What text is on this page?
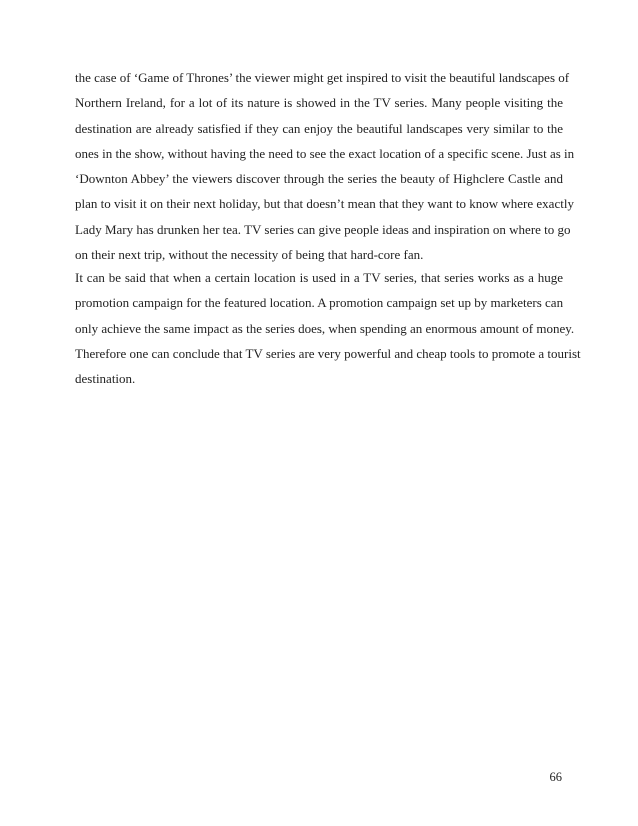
the case of ‘Game of Thrones’ the viewer might get inspired to visit the beautiful landscapes of
Northern Ireland, for a lot of its nature is showed in the TV series. Many people visiting the
destination are already satisfied if they can enjoy the beautiful landscapes very similar to the
ones in the show, without having the need to see the exact location of a specific scene. Just as in
‘Downton Abbey’ the viewers discover through the series the beauty of Highclere Castle and
plan to visit it on their next holiday, but that doesn’t mean that they want to know where exactly
Lady Mary has drunken her tea. TV series can give people ideas and inspiration on where to go
on their next trip, without the necessity of being that hard-core fan.
It can be said that when a certain location is used in a TV series, that series works as a huge
promotion campaign for the featured location. A promotion campaign set up by marketers can
only achieve the same impact as the series does, when spending an enormous amount of money.
Therefore one can conclude that TV series are very powerful and cheap tools to promote a tourist
destination.
66
